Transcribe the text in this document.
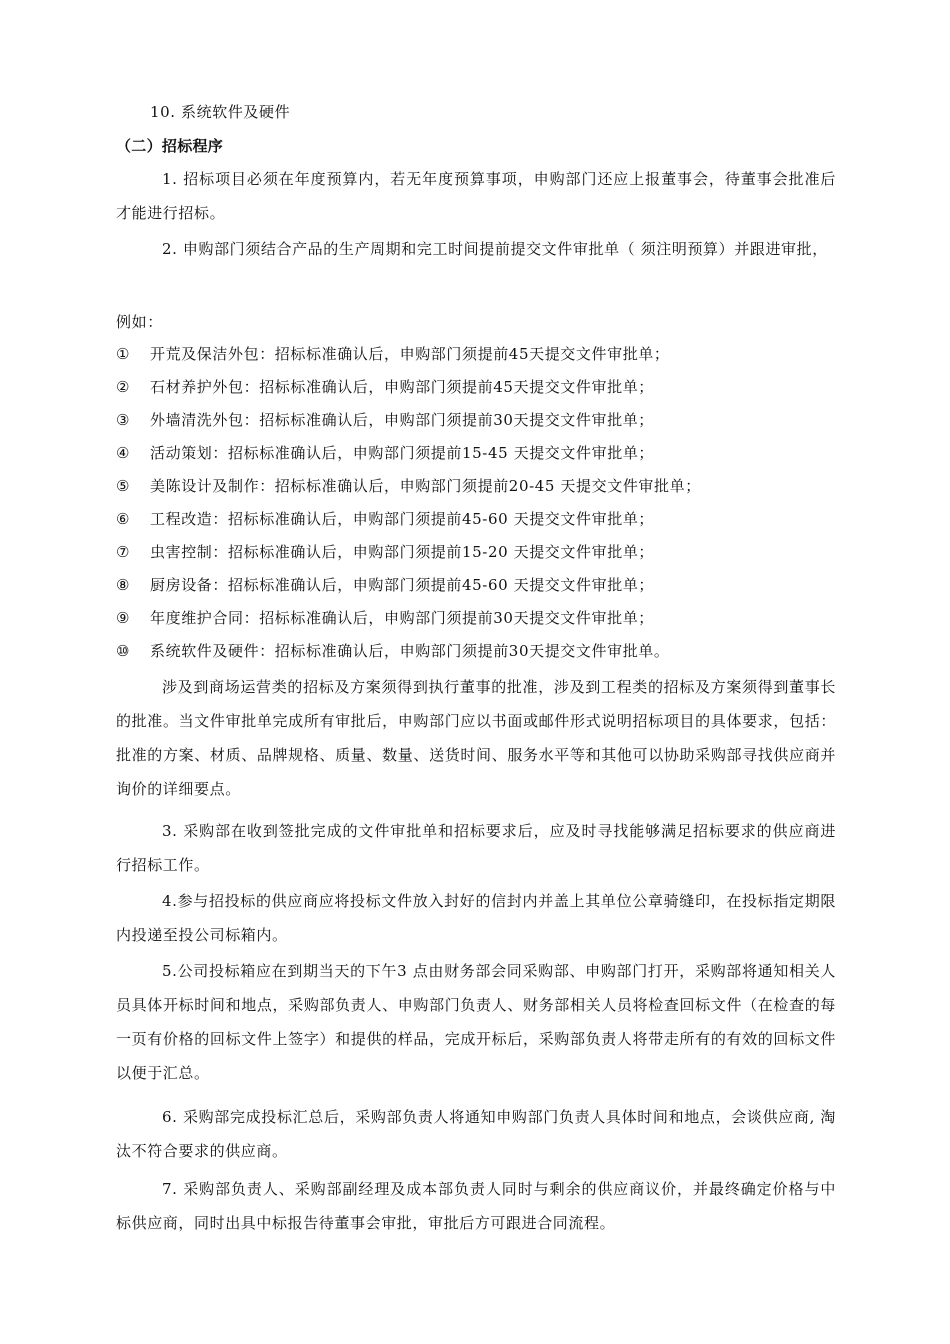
10. 系统软件及硬件
（二）招标程序
1. 招标项目必须在年度预算内，若无年度预算事项，申购部门还应上报董事会，待董事会批准后才能进行招标。
2. 申购部门须结合产品的生产周期和完工时间提前提交文件审批单（ 须注明预算）并跟进审批，
例如：
① 开荒及保洁外包：招标标准确认后，申购部门须提前45天提交文件审批单；
② 石材养护外包：招标标准确认后，申购部门须提前45天提交文件审批单；
③ 外墙清洗外包：招标标准确认后，申购部门须提前30天提交文件审批单；
④ 活动策划：招标标准确认后，申购部门须提前15-45 天提交文件审批单；
⑤ 美陈设计及制作：招标标准确认后，申购部门须提前20-45 天提交文件审批单；
⑥ 工程改造：招标标准确认后，申购部门须提前45-60 天提交文件审批单；
⑦ 虫害控制：招标标准确认后，申购部门须提前15-20 天提交文件审批单；
⑧ 厨房设备：招标标准确认后，申购部门须提前45-60 天提交文件审批单；
⑨ 年度维护合同：招标标准确认后，申购部门须提前30天提交文件审批单；
⑩ 系统软件及硬件：招标标准确认后，申购部门须提前30天提交文件审批单。
涉及到商场运营类的招标及方案须得到执行董事的批准，涉及到工程类的招标及方案须得到董事长的批准。当文件审批单完成所有审批后，申购部门应以书面或邮件形式说明招标项目的具体要求，包括：批准的方案、材质、品牌规格、质量、数量、送货时间、服务水平等和其他可以协助采购部寻找供应商并询价的详细要点。
3. 采购部在收到签批完成的文件审批单和招标要求后，应及时寻找能够满足招标要求的供应商进行招标工作。
4.参与招投标的供应商应将投标文件放入封好的信封内并盖上其单位公章骑缝印，在投标指定期限内投递至投公司标箱内。
5.公司投标箱应在到期当天的下午3 点由财务部会同采购部、申购部门打开，采购部将通知相关人员具体开标时间和地点，采购部负责人、申购部门负责人、财务部相关人员将检查回标文件（在检查的每一页有价格的回标文件上签字）和提供的样品，完成开标后，采购部负责人将带走所有的有效的回标文件以便于汇总。
6. 采购部完成投标汇总后，采购部负责人将通知申购部门负责人具体时间和地点，会谈供应商, 淘汰不符合要求的供应商。
7. 采购部负责人、采购部副经理及成本部负责人同时与剩余的供应商议价，并最终确定价格与中标供应商，同时出具中标报告待董事会审批，审批后方可跟进合同流程。
